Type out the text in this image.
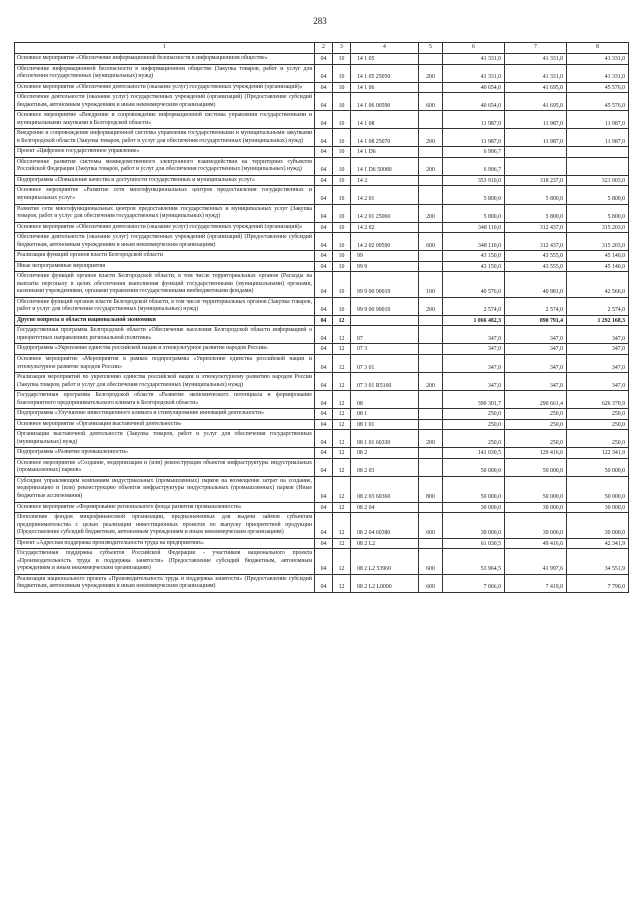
283
1	2	3	4	5	6	7	8
Основное мероприятие «Обеспечение информационной безопасности в информационном обществе»	04	10	14 1 05		41 331,0	41 331,0	41 331,0
Обеспечение информационной безопасности в информационном обществе (Закупка товаров, работ и услуг для обеспечения государственных (муниципальных) нужд)	04	10	14 1 05 25050	200	41 331,0	41 331,0	41 331,0
Основное мероприятие «Обеспечение деятельности (оказание услуг) государственных учреждений (организаций)»	04	10	14 1 06		40 654,0	41 695,0	45 576,0
Обеспечение деятельности (оказание услуг) государственных учреждений (организаций) (Предоставление субсидий бюджетным, автономным учреждениям и иным некоммерческим организациям)	04	10	14 1 06 00590	600	40 654,0	41 695,0	45 576,0
Основное мероприятие «Внедрение и сопровождение информационной системы управления государственными и муниципальными закупками в Белгородской области»	04	10	14 1 08		11 987,0	11 987,0	11 987,0
Внедрение и сопровождение информационной системы управления государственными и муниципальными закупками в Белгородской области (Закупка товаров, работ и услуг для обеспечения государственных (муниципальных) нужд)	04	10	14 1 08 25070	200	11 987,0	11 987,0	11 987,0
Проект «Цифровое государственное управление»	04	10	14 1 D6		6 906,7		
Обеспечение развития системы межведомственного электронного взаимодействия на территориях субъектов Российской Федерации (Закупка товаров, работ и услуг для обеспечения государственных (муниципальных) нужд)	04	10	14 1 D6 50080	200	6 906,7		
Подпрограмма «Повышение качества и доступности государственных и муниципальных услуг»	04	10	14 2		353 910,0	318 237,0	321 003,0
Основное мероприятие «Развитие сети многофункциональных центров предоставления государственных и муниципальных услуг»	04	10	14 2 01		5 800,0	5 800,0	5 800,0
Развитие сети многофункциональных центров предоставления государственных и муниципальных услуг (Закупка товаров, работ и услуг для обеспечения государственных (муниципальных) нужд)	04	10	14 2 01 25060	200	5 800,0	5 800,0	5 800,0
Основное мероприятие «Обеспечение деятельности (оказание услуг) государственных учреждений (организаций)»	04	10	14 2 02		348 110,0	312 437,0	315 203,0
Обеспечение деятельности (оказание услуг) государственных учреждений (организаций) (Предоставление субсидий бюджетным, автономным учреждениям и иным некоммерческим организациям)	04	10	14 2 02 00590	600	348 110,0	312 437,0	315 203,0
Реализация функций органов власти Белгородской области	04	10	99		43 150,0	43 555,0	45 140,0
Иные непрограммные мероприятия	04	10	99 9		43 150,0	43 555,0	45 140,0
Обеспечение функций органов власти Белгородской области, в том числе территориальных органов (Расходы на выплаты персоналу в целях обеспечения выполнения функций государственными (муниципальными) органами, казенными учреждениями, органами управления государственными внебюджетными фондами)	04	10	99 9 00 90019	100	40 576,0	40 981,0	42 566,0
Обеспечение функций органов власти Белгородской области, в том числе территориальных органов (Закупка товаров, работ и услуг для обеспечения государственных (муниципальных) нужд)	04	10	99 9 00 90019	200	2 574,0	2 574,0	2 574,0
Другие вопросы в области национальной экономики	04	12			1 066 482,3	890 791,4	1 292 168,3
Государственная программа Белгородской области «Обеспечение населения Белгородской области информацией о приоритетных направлениях региональной политики»	04	12	07		347,0	347,0	347,0
Подпрограмма «Укрепление единства российской нации и этнокультурное развитие народов России»	04	12	07 3		347,0	347,0	347,0
Основное мероприятие «Мероприятия в рамках подпрограммы «Укрепление единства российской нации и этнокультурное развитие народов России»	04	12	07 3 01		347,0	347,0	347,0
Реализация мероприятий по укреплению единства российской нации и этнокультурному развитию народов России (Закупка товаров, работ и услуг для обеспечения государственных (муниципальных) нужд)	04	12	07 3 01 R5160	200	347,0	347,0	347,0
Государственная программа Белгородской области «Развитие экономического потенциала и формирование благоприятного предпринимательского климата в Белгородской области»	04	12	08		399 301,7	290 661,4	626 370,9
Подпрограмма «Улучшение инвестиционного климата и стимулирование инноваций деятельности»	04	12	08 1		250,0	250,0	250,0
Основное мероприятие «Организация выставочной деятельности»	04	12	08 1 01		250,0	250,0	250,0
Организация выставочной деятельности (Закупка товаров, работ и услуг для обеспечения государственных (муниципальных) нужд)	04	12	08 1 01 60330	200	250,0	250,0	250,0
Подпрограмма «Развитие промышленности»	04	12	08 2		141 030,5	129 416,6	122 341,9
Основное мероприятие «Создание, модернизация и (или) реконструкция объектов инфраструктуры индустриальных (промышленных) парков»	04	12	08 2 03		50 000,0	50 000,0	50 000,0
Субсидии управляющим компаниям индустриальных (промышленных) парков на возмещение затрат на создание, модернизацию и (или) реконструкцию объектов инфраструктуры индустриальных (промышленных) парков (Иные бюджетные ассигнования)	04	12	08 2 03 60360	800	50 000,0	50 000,0	50 000,0
Основное мероприятие «Формирование регионального фонда развития промышленности»	04	12	08 2 04		30 000,0	30 000,0	30 000,0
Пополнение фондов микрофинансовой организации, предназначенных для выдачи займов субъектам предпринимательства с целью реализации инвестиционных проектов по выпуску приоритетной продукции (Предоставление субсидий бюджетным, автономным учреждениям и иным некоммерческим организациям)	04	12	08 2 04 60380	600	30 000,0	30 000,0	30 000,0
Проект «Адресная поддержка производительности труда на предприятиях»	04	12	08 2 L2		61 030,5	49 416,6	42 341,9
Государственная поддержка субъектов Российской Федерации - участников национального проекта «Производительность труда и поддержка занятости» (Предоставление субсидий бюджетным, автономным учреждениям и иным некоммерческим организациям)	04	12	08 2 L2 53960	600	53 964,5	41 997,6	34 551,9
Реализация национального проекта «Производительность труда и поддержка занятости» (Предоставление субсидий бюджетным, автономным учреждениям и иным некоммерческим организациям)	04	12	08 2 L2 L0000	600	7 066,0	7 419,0	7 790,0
